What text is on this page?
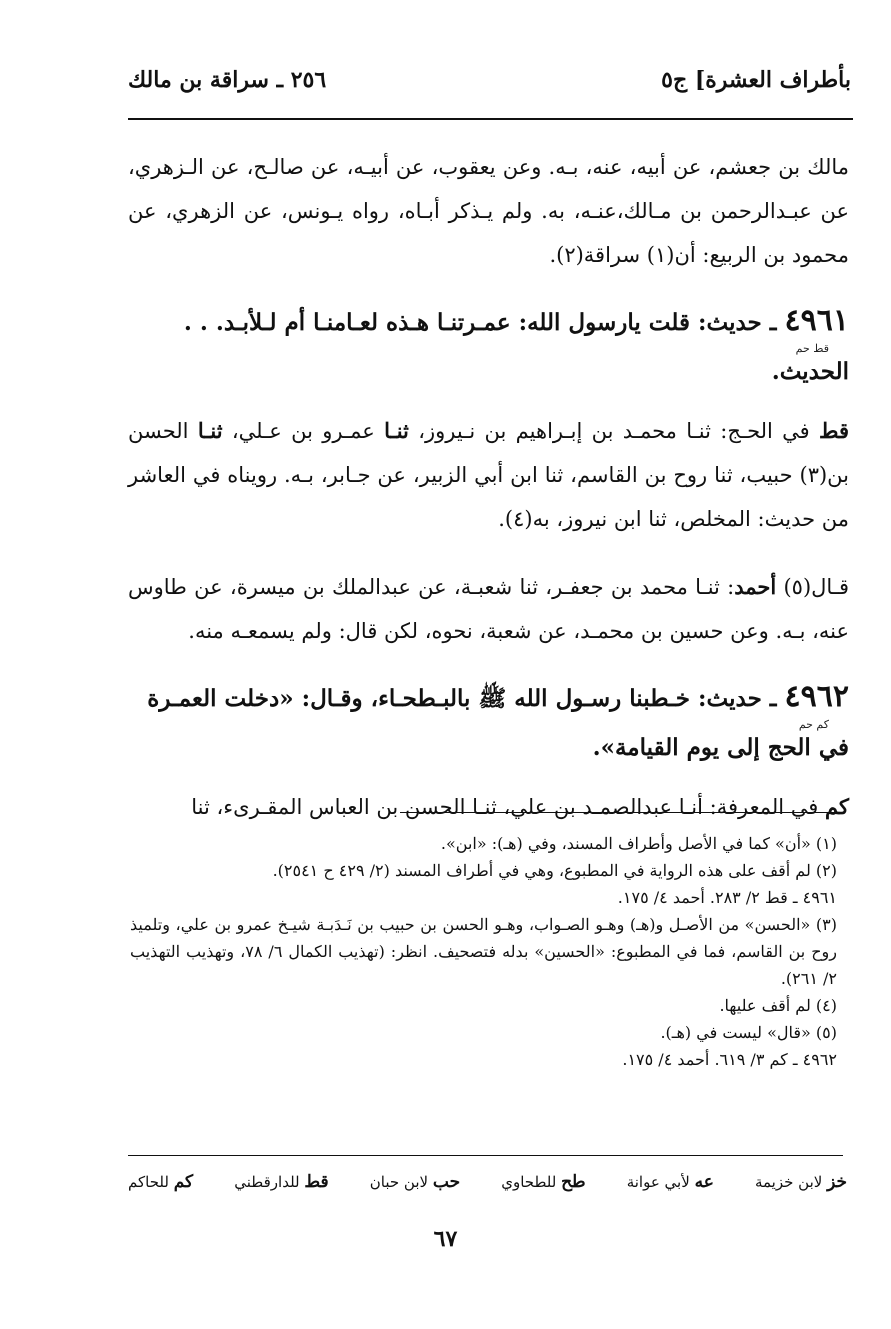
بأطراف العشرة] ج٥
٢٥٦ ـ سراقة بن مالك

مالك بن جعشم، عن أبيه، عنه، بـه. وعن يعقوب، عن أبيـه، عن صالـح، عن الـزهري، عن عبـدالرحمن بن مـالك،عنـه، به. ولم يـذكر أبـاه، رواه يـونس، عن الزهري، عن محمود بن الربيع: أن(١) سراقة(٢).

٤٩٦١ ـ حديث: قلت يارسول الله: عمـرتنـا هـذه لعـامنـا أم لـلأبـد. . .

قط حم

الحديث.

قط في الحـج: ثنـا محمـد بن إبـراهيم بن نـيروز، ثنـا عمـرو بن عـلي، ثنـا الحسن بن(٣) حبيب، ثنا روح بن القاسم، ثنا ابن أبي الزبير، عن جـابر، بـه. رويناه في العاشر من حديث: المخلص، ثنا ابن نيروز، به(٤).

قـال(٥) أحمد: ثنـا محمد بن جعفـر، ثنا شعبـة، عن عبدالملك بن ميسرة، عن طاوس عنه، بـه. وعن حسين بن محمـد، عن شعبة، نحوه، لكن قال: ولم يسمعـه منه.

٤٩٦٢ ـ حديث: خـطبنا رسـول الله ﷺ بالبـطحـاء، وقـال: «دخلت العمـرة

كم حم

في الحج إلى يوم القيامة».

كم في المعرفة: أنـا عبدالصمـد بن علي، ثنـا الحسن بن العباس المقـرىء، ثنا

(١) «أن» كما في الأصل وأطراف المسند، وفي (هـ): «ابن».

(٢) لم أقف على هذه الرواية في المطبوع، وهي في أطراف المسند (٢/ ٤٢٩ ح ٢٥٤١).

٤٩٦١ ـ قط ٢/ ٢٨٣. أحمد ٤/ ١٧٥.

(٣) «الحسن» من الأصـل و(هـ) وهـو الصـواب، وهـو الحسن بن حبيب بن نَـدَبـة شيـخ عمرو بن علي، وتلميذ روح بن القاسم، فما في المطبوع: «الحسين» بدله فتصحيف. انظر: (تهذيب الكمال ٦/ ٧٨، وتهذيب التهذيب ٢/ ٢٦١).

(٤) لم أقف عليها.

(٥) «قال» ليست في (هـ).

٤٩٦٢ ـ كم ٣/ ٦١٩. أحمد ٤/ ١٧٥.

خز لابن خزيمة
عه لأبي عوانة
طح للطحاوي
حب لابن حبان
قط للدارقطني
كم للحاكم
٦٧
